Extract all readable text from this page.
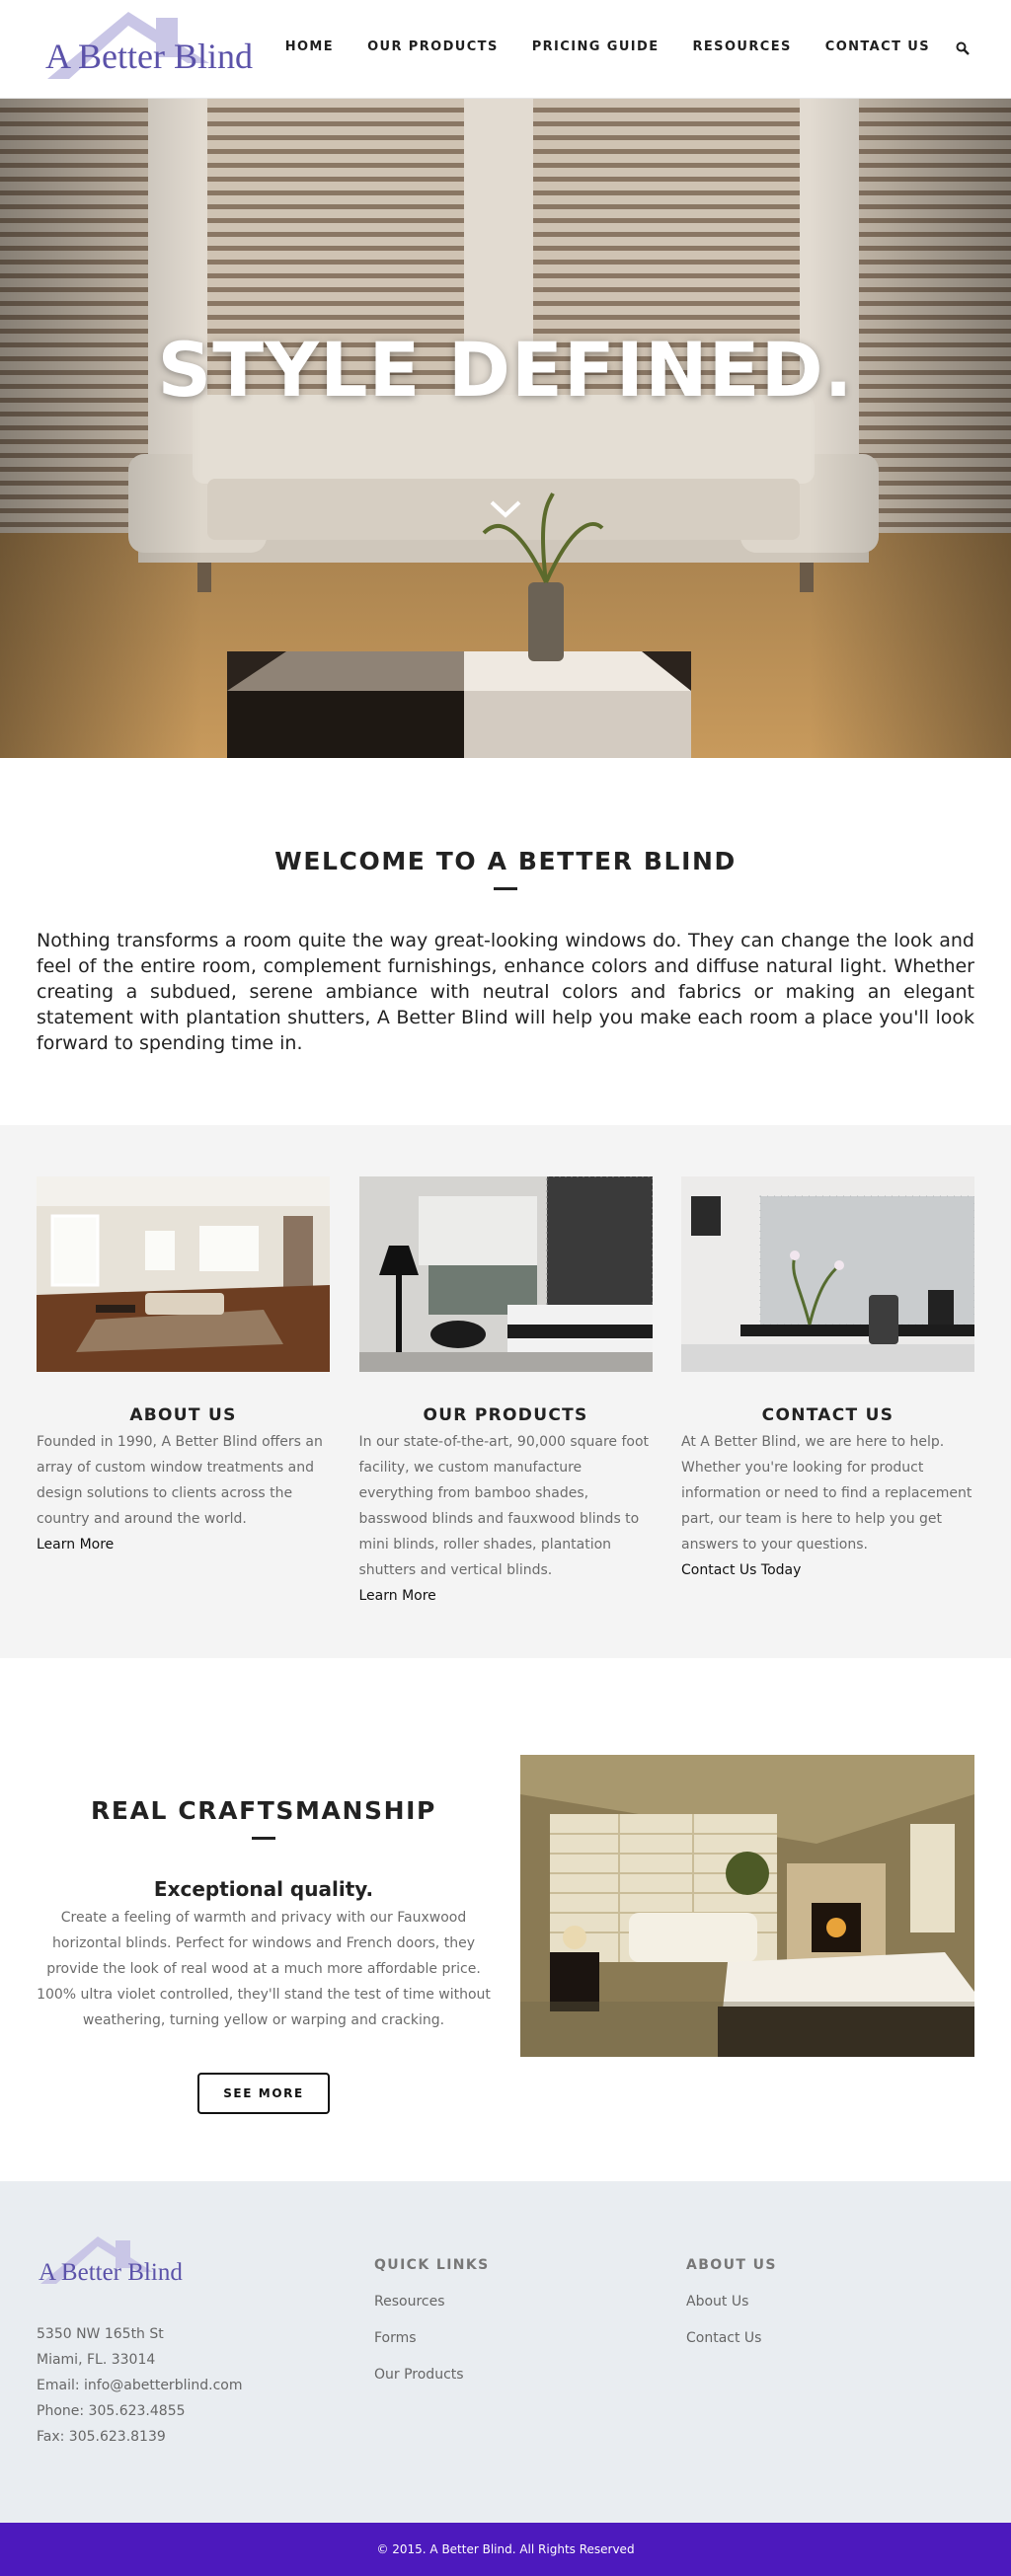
A Better Blind	HOME	OUR PRODUCTS	PRICING GUIDE	RESOURCES	CONTACT US
STYLE DEFINED.
WELCOME TO A BETTER BLIND

Nothing transforms a room quite the way great-looking windows do. They can change the look and feel of the entire room, complement furnishings, enhance colors and diffuse natural light. Whether creating a subdued, serene ambiance with neutral colors and fabrics or making an elegant statement with plantation shutters, A Better Blind will help you make each room a place you'll look forward to spending time in.

ABOUT US

Founded in 1990, A Better Blind offers an array of custom window treatments and design solutions to clients across the country and around the world.

Learn More
OUR PRODUCTS

In our state-of-the-art, 90,000 square foot facility, we custom manufacture everything from bamboo shades, basswood blinds and fauxwood blinds to mini blinds, roller shades, plantation shutters and vertical blinds.

Learn More
CONTACT US

At A Better Blind, we are here to help. Whether you're looking for product information or need to find a replacement part, our team is here to help you get answers to your questions.

Contact Us Today
REAL CRAFTSMANSHIP
Exceptional quality.

Create a feeling of warmth and privacy with our Fauxwood horizontal blinds. Perfect for windows and French doors, they provide the look of real wood at a much more affordable price. 100% ultra violet controlled, they'll stand the test of time without weathering, turning yellow or warping and cracking.

SEE MORE
A Better Blind
5350 NW 165th St
Miami, FL. 33014
Email: info@abetterblind.com
Phone: 305.623.4855
Fax: 305.623.8139
QUICK LINKS
Resources
Forms
Our Products
ABOUT US
About Us
Contact Us
© 2015. A Better Blind. All Rights Reserved
